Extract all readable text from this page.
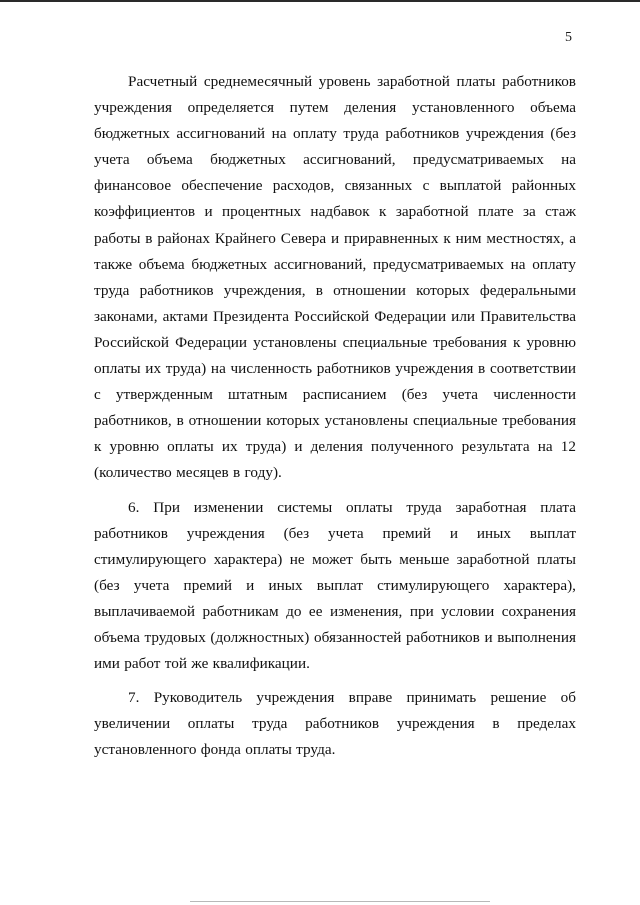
5

Расчетный среднемесячный уровень заработной платы работников учреждения определяется путем деления установленного объема бюджетных ассигнований на оплату труда работников учреждения (без учета объема бюджетных ассигнований, предусматриваемых на финансовое обеспечение расходов, связанных с выплатой районных коэффициентов и процентных надбавок к заработной плате за стаж работы в районах Крайнего Севера и приравненных к ним местностях, а также объема бюджетных ассигнований, предусматриваемых на оплату труда работников учреждения, в отношении которых федеральными законами, актами Президента Российской Федерации или Правительства Российской Федерации установлены специальные требования к уровню оплаты их труда) на численность работников учреждения в соответствии с утвержденным штатным расписанием (без учета численности работников, в отношении которых установлены специальные требования к уровню оплаты их труда) и деления полученного результата на 12 (количество месяцев в году).

6. При изменении системы оплаты труда заработная плата работников учреждения (без учета премий и иных выплат стимулирующего характера) не может быть меньше заработной платы (без учета премий и иных выплат стимулирующего характера), выплачиваемой работникам до ее изменения, при условии сохранения объема трудовых (должностных) обязанностей работников и выполнения ими работ той же квалификации.

7. Руководитель учреждения вправе принимать решение об увеличении оплаты труда работников учреждения в пределах установленного фонда оплаты труда.
